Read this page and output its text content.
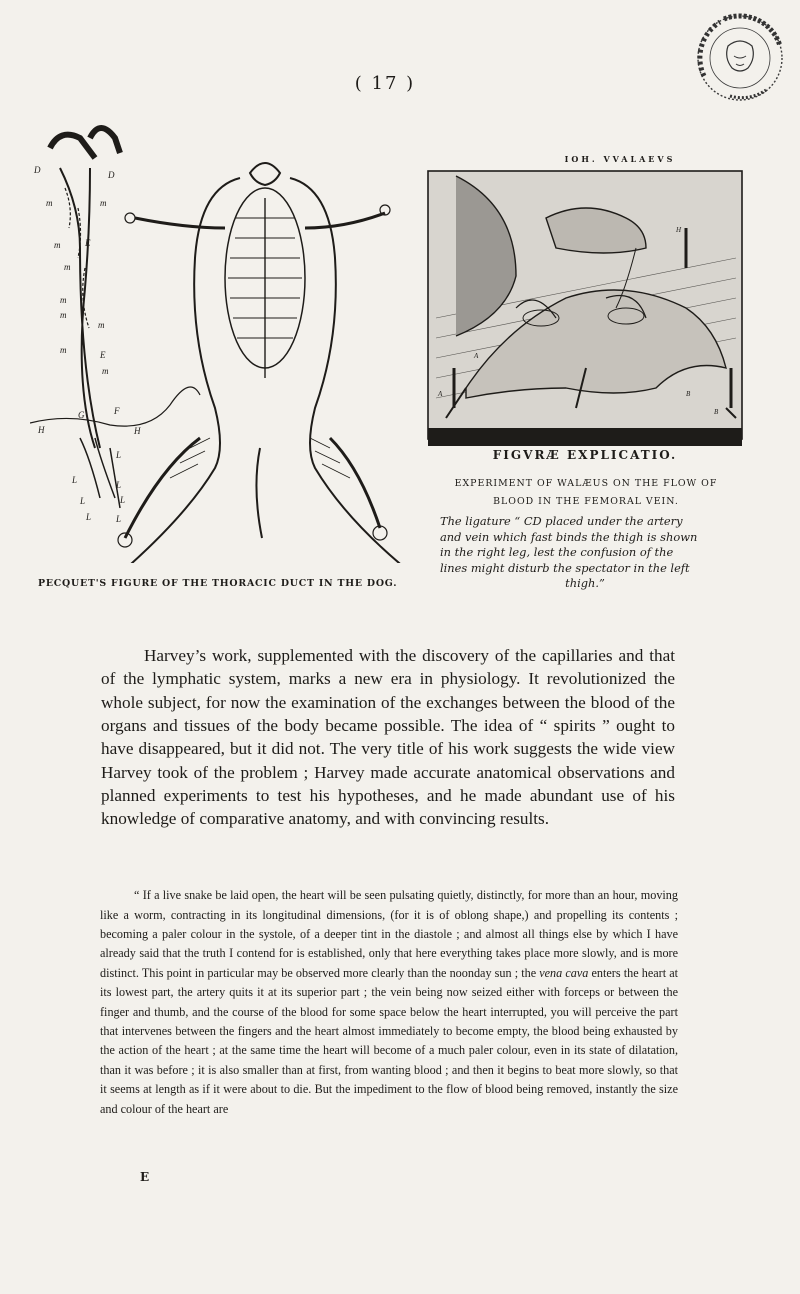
( 17 )
D	D
m	m
m	E
m
m
m
m
m	E
m
G	F
H	H
L
L	L
L	L
L	L
PECQUET'S FIGURE OF THE THORACIC DUCT IN THE DOG.
IOH. VVALAEVS
A
A	B
B
H
FIGVRÆ EXPLICATIO.
EXPERIMENT OF WALÆUS ON THE FLOW OF
BLOOD IN THE FEMORAL VEIN.
The ligature “ CD placed under the artery
and vein which fast binds the thigh is shown
in the right leg, lest the confusion of the
lines might disturb the spectator in the left
thigh.”

Harvey’s work, supplemented with the discovery of the capillaries and that of the lymphatic system, marks a new era in physiology. It revolutionized the whole subject, for now the examination of the exchanges between the blood of the organs and tissues of the body became possible. The idea of “ spirits ” ought to have disappeared, but it did not. The very title of his work suggests the wide view Harvey took of the problem ; Harvey made accurate anatomical observations and planned experiments to test his hypotheses, and he made abundant use of his knowledge of comparative anatomy, and with convincing results.

“ If a live snake be laid open, the heart will be seen pulsating quietly, distinctly, for more than an hour, moving like a worm, contracting in its longitudinal dimensions, (for it is of oblong shape,) and propelling its contents ; becoming a paler colour in the systole, of a deeper tint in the diastole ; and almost all things else by which I have already said that the truth I contend for is established, only that here everything takes place more slowly, and is more distinct. This point in particular may be observed more clearly than the noonday sun ; the vena cava enters the heart at its lowest part, the artery quits it at its superior part ; the vein being now seized either with forceps or between the finger and thumb, and the course of the blood for some space below the heart interrupted, you will perceive the part that intervenes between the fingers and the heart almost immediately to become empty, the blood being exhausted by the action of the heart ; at the same time the heart will become of a much paler colour, even in its state of dilatation, than it was before ; it is also smaller than at first, from wanting blood ; and then it begins to beat more slowly, so that it seems at length as if it were about to die. But the impediment to the flow of blood being removed, instantly the size and colour of the heart are

E
